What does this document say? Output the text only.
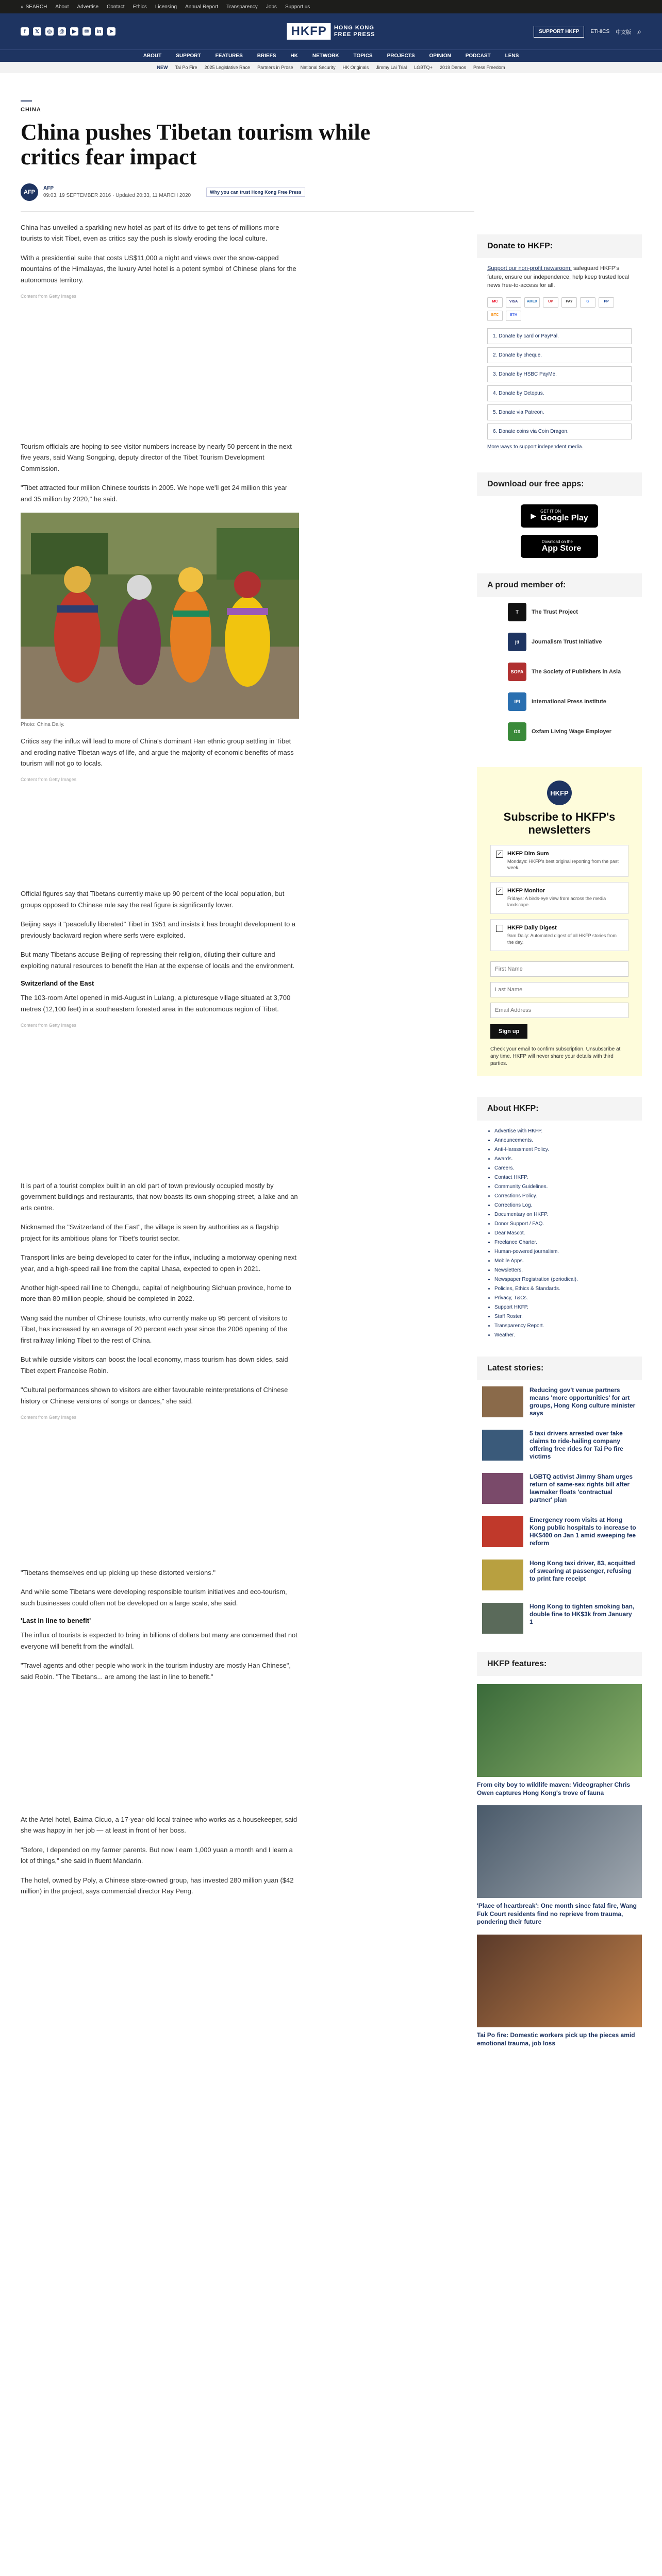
⌕ SEARCH About Advertise Contact Ethics Licensing Annual Report Transparency Jobs Support us
f	𝕏	◎	@	▶	✉	in	➤	HKFP	HONG KONG
FREE PRESS	SUPPORT HKFP	ETHICS 中文版 ⌕
ABOUT	SUPPORT	FEATURES	BRIEFS	HK	NETWORK	TOPICS	PROJECTS	OPINION	PODCAST	LENS
NEW Tai Po Fire 2025 Legislative Race Partners in Prose National Security HK Originals Jimmy Lai Trial LGBTQ+ 2019 Demos Press Freedom
CHINA
China pushes Tibetan tourism while critics fear impact
AFP
AFP
09:03, 19 SEPTEMBER 2016 · Updated 20:33, 11 MARCH 2020
Why you can trust Hong Kong Free Press

China has unveiled a sparkling new hotel as part of its drive to get tens of millions more tourists to visit Tibet, even as critics say the push is slowly eroding the local culture.

With a presidential suite that costs US$11,000 a night and views over the snow-capped mountains of the Himalayas, the luxury Artel hotel is a potent symbol of Chinese plans for the autonomous territory.

Content from Getty Images

Tourism officials are hoping to see visitor numbers increase by nearly 50 percent in the next five years, said Wang Songping, deputy director of the Tibet Tourism Development Commission.

"Tibet attracted four million Chinese tourists in 2005. We hope we'll get 24 million this year and 35 million by 2020," he said.

Photo: China Daily.

Critics say the influx will lead to more of China's dominant Han ethnic group settling in Tibet and eroding native Tibetan ways of life, and argue the majority of economic benefits of mass tourism will not go to locals.

Content from Getty Images

Official figures say that Tibetans currently make up 90 percent of the local population, but groups opposed to Chinese rule say the real figure is significantly lower.

Beijing says it "peacefully liberated" Tibet in 1951 and insists it has brought development to a previously backward region where serfs were exploited.

But many Tibetans accuse Beijing of repressing their religion, diluting their culture and exploiting natural resources to benefit the Han at the expense of locals and the environment.

Switzerland of the East

The 103-room Artel opened in mid-August in Lulang, a picturesque village situated at 3,700 metres (12,100 feet) in a southeastern forested area in the autonomous region of Tibet.

Content from Getty Images

It is part of a tourist complex built in an old part of town previously occupied mostly by government buildings and restaurants, that now boasts its own shopping street, a lake and an arts centre.

Nicknamed the "Switzerland of the East", the village is seen by authorities as a flagship project for its ambitious plans for Tibet's tourist sector.

Transport links are being developed to cater for the influx, including a motorway opening next year, and a high-speed rail line from the capital Lhasa, expected to open in 2021.

Another high-speed rail line to Chengdu, capital of neighbouring Sichuan province, home to more than 80 million people, should be completed in 2022.

Wang said the number of Chinese tourists, who currently make up 95 percent of visitors to Tibet, has increased by an average of 20 percent each year since the 2006 opening of the first railway linking Tibet to the rest of China.

But while outside visitors can boost the local economy, mass tourism has down sides, said Tibet expert Francoise Robin.

"Cultural performances shown to visitors are either favourable reinterpretations of Chinese history or Chinese versions of songs or dances," she said.

Content from Getty Images

"Tibetans themselves end up picking up these distorted versions."

And while some Tibetans were developing responsible tourism initiatives and eco-tourism, such businesses could often not be developed on a large scale, she said.

'Last in line to benefit'

The influx of tourists is expected to bring in billions of dollars but many are concerned that not everyone will benefit from the windfall.

"Travel agents and other people who work in the tourism industry are mostly Han Chinese", said Robin. "The Tibetans... are among the last in line to benefit."

At the Artel hotel, Baima Cicuo, a 17-year-old local trainee who works as a housekeeper, said she was happy in her job — at least in front of her boss.

"Before, I depended on my farmer parents. But now I earn 1,000 yuan a month and I learn a lot of things," she said in fluent Mandarin.

The hotel, owned by Poly, a Chinese state-owned group, has invested 280 million yuan ($42 million) in the project, says commercial director Ray Peng.

Donate to HKFP:
Support our non-profit newsroom: safeguard HKFP's future, ensure our independence, help keep trusted local news free-to-access for all.
MC	VISA	AMEX	UP	PAY	G	PP
BTC	ETH
1. Donate by card or PayPal.
2. Donate by cheque.
3. Donate by HSBC PayMe.
4. Donate by Octopus.
5. Donate via Patreon.
6. Donate coins via Coin Dragon.
More ways to support independent media.
Download our free apps:
▶
GET IT ON
Google Play
Download on the
App Store
A proud member of:
T	The Trust Project
jti	Journalism Trust Initiative
SOPA	The Society of Publishers in Asia
IPI	International Press Institute
OX	Oxfam Living Wage Employer
HKFP
Subscribe to HKFP's newsletters
✓ HKFP Dim Sum
Mondays: HKFP's best original reporting from the past week.
✓ HKFP Monitor
Fridays: A birds-eye view from across the media landscape.
HKFP Daily Digest
9am Daily: Automated digest of all HKFP stories from the day.
First Name Last Name Email Address
Sign up
Check your email to confirm subscription. Unsubscribe at any time. HKFP will never share your details with third parties.
About HKFP:
• Advertise with HKFP.
• Announcements.
• Anti-Harassment Policy.
• Awards.
• Careers.
• Contact HKFP.
• Community Guidelines.
• Corrections Policy.
• Corrections Log.
• Documentary on HKFP.
• Donor Support / FAQ.
• Dear Mascot.
• Freelance Charter.
• Human-powered journalism.
• Mobile Apps.
• Newsletters.
• Newspaper Registration (periodical).
• Policies, Ethics & Standards.
• Privacy, T&Cs.
• Support HKFP.
• Staff Roster.
• Transparency Report.
• Weather.
Latest stories:
Reducing gov't venue partners means 'more opportunities' for art groups, Hong Kong culture minister says
5 taxi drivers arrested over fake claims to ride-hailing company offering free rides for Tai Po fire victims
LGBTQ activist Jimmy Sham urges return of same-sex rights bill after lawmaker floats 'contractual partner' plan
Emergency room visits at Hong Kong public hospitals to increase to HK$400 on Jan 1 amid sweeping fee reform
Hong Kong taxi driver, 83, acquitted of swearing at passenger, refusing to print fare receipt
Hong Kong to tighten smoking ban, double fine to HK$3k from January 1
HKFP features:
From city boy to wildlife maven: Videographer Chris Owen captures Hong Kong's trove of fauna
'Place of heartbreak': One month since fatal fire, Wang Fuk Court residents find no reprieve from trauma, pondering their future
Tai Po fire: Domestic workers pick up the pieces amid emotional trauma, job loss
